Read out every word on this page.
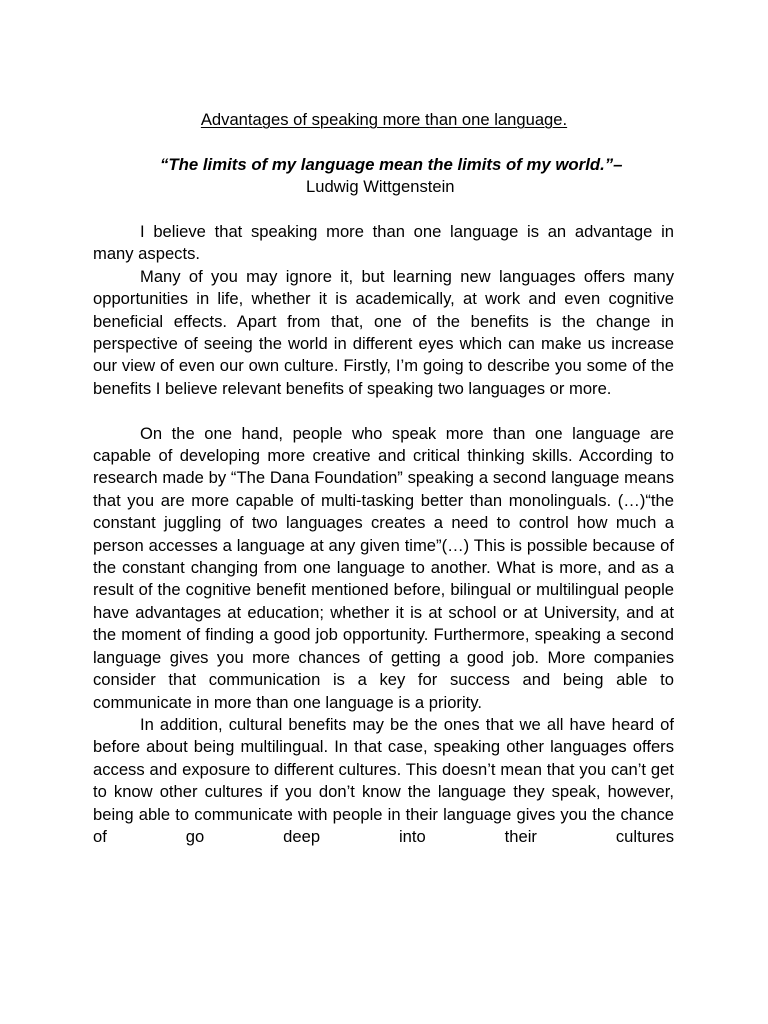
Advantages of speaking more than one language.

“The limits of my language mean the limits of my world.”–

Ludwig Wittgenstein

I believe that speaking more than one language is an advantage in many aspects.

Many of you may ignore it, but learning new languages offers many opportunities in life, whether it is academically, at work and even cognitive beneficial effects. Apart from that, one of the benefits is the change in perspective of seeing the world in different eyes which can make us increase our view of even our own culture. Firstly, I’m going to describe you some of the benefits I believe relevant benefits of speaking two languages or more.

On the one hand, people who speak more than one language are capable of developing more creative and critical thinking skills. According to research made by “The Dana Foundation” speaking a second language means that you are more capable of multi-tasking better than monolinguals. (…)“the constant juggling of two languages creates a need to control how much a person accesses a language at any given time”(…) This is possible because of the constant changing from one language to another. What is more, and as a result of the cognitive benefit mentioned before, bilingual or multilingual people have advantages at education; whether it is at school or at University, and at the moment of finding a good job opportunity. Furthermore, speaking a second language gives you more chances of getting a good job. More companies consider that communication is a key for success and being able to communicate in more than one language is a priority.

In addition, cultural benefits may be the ones that we all have heard of before about being multilingual. In that case, speaking other languages offers access and exposure to different cultures. This doesn’t mean that you can’t get to know other cultures if you don’t know the language they speak, however, being able to communicate with people in their language gives you the chance of go deep into their cultures
